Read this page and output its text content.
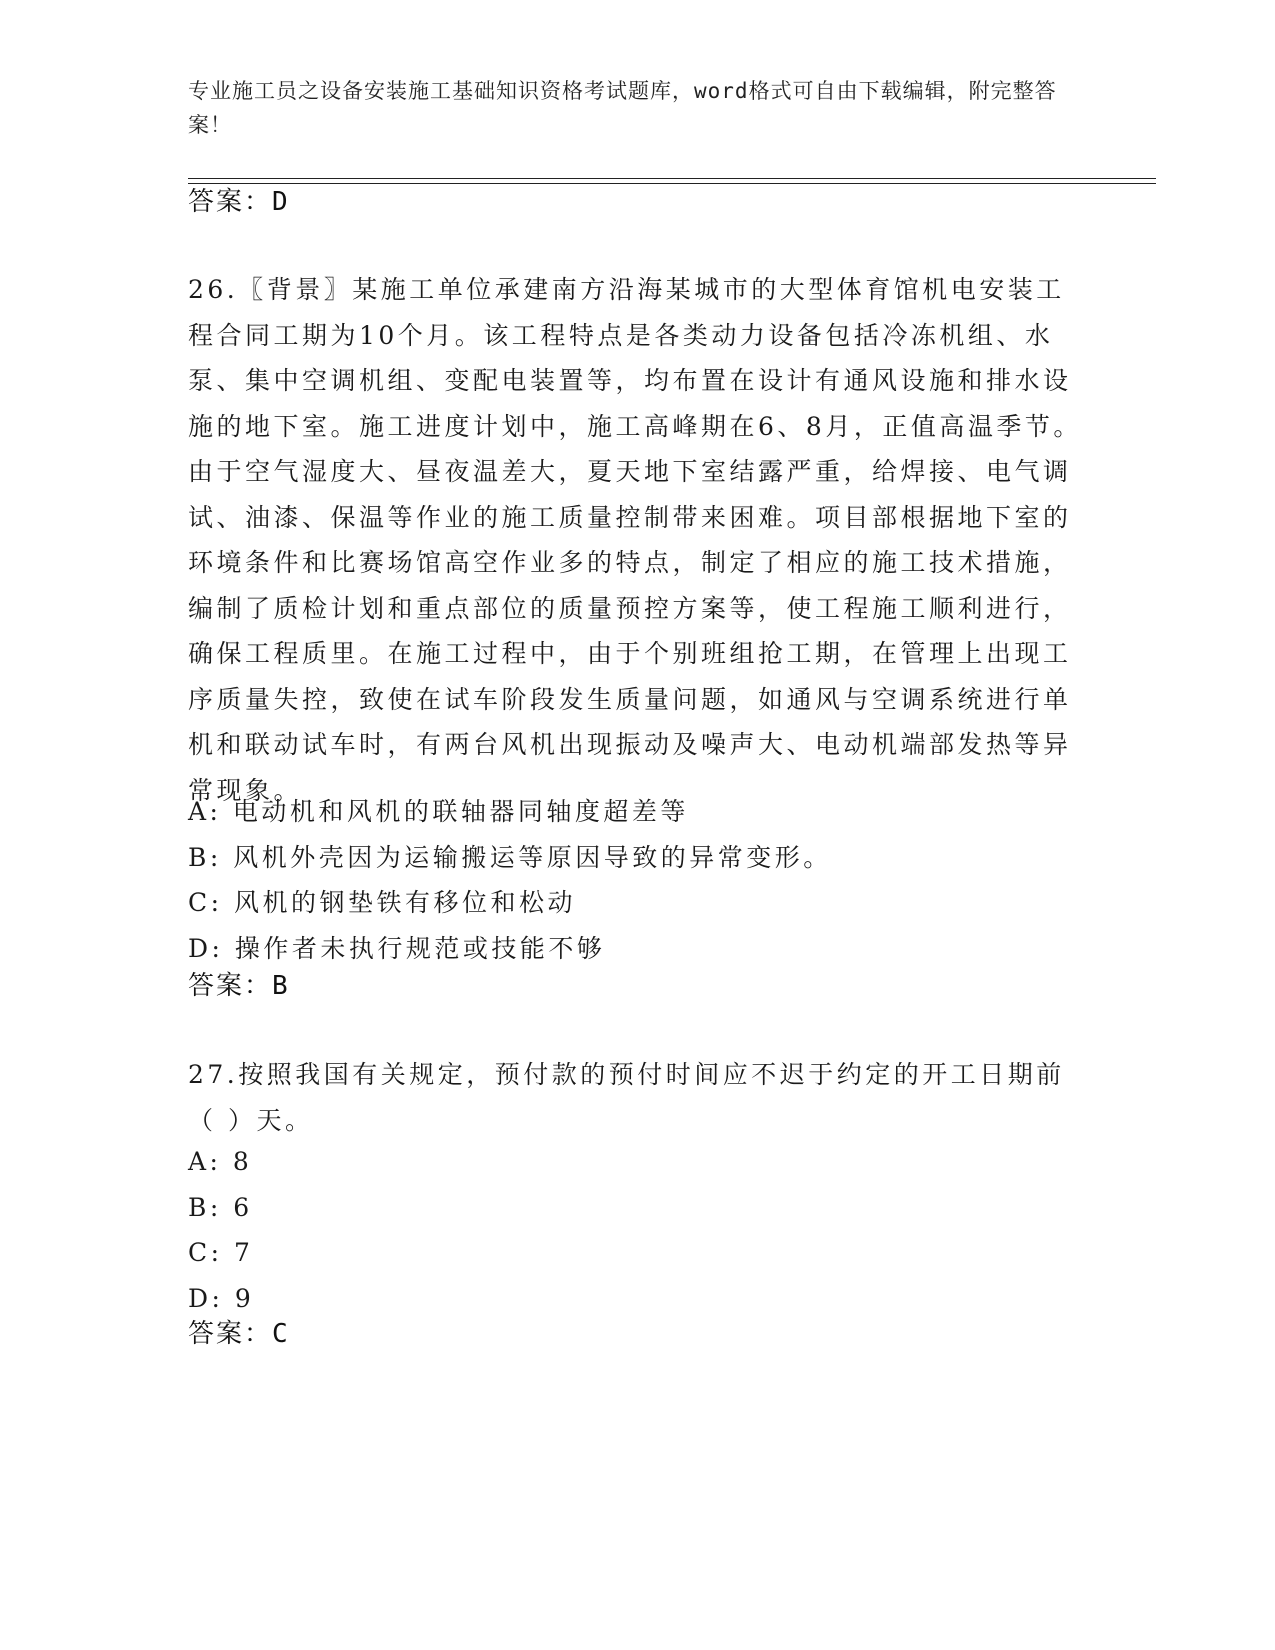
专业施工员之设备安装施工基础知识资格考试题库，word格式可自由下载编辑，附完整答案！
答案：D
26.〖背景〗某施工单位承建南方沿海某城市的大型体育馆机电安装工程合同工期为10个月。该工程特点是各类动力设备包括冷冻机组、水泵、集中空调机组、变配电装置等，均布置在设计有通风设施和排水设施的地下室。施工进度计划中，施工高峰期在6、8月，正值高温季节。由于空气湿度大、昼夜温差大，夏天地下室结露严重，给焊接、电气调试、油漆、保温等作业的施工质量控制带来困难。项目部根据地下室的环境条件和比赛场馆高空作业多的特点，制定了相应的施工技术措施，编制了质检计划和重点部位的质量预控方案等，使工程施工顺利进行，确保工程质里。在施工过程中，由于个别班组抢工期，在管理上出现工序质量失控，致使在试车阶段发生质量问题，如通风与空调系统进行单机和联动试车时，有两台风机出现振动及噪声大、电动机端部发热等异常现象。
A: 电动机和风机的联轴器同轴度超差等
B: 风机外壳因为运输搬运等原因导致的异常变形。
C: 风机的钢垫铁有移位和松动
D: 操作者未执行规范或技能不够
答案：B
27.按照我国有关规定，预付款的预付时间应不迟于约定的开工日期前（ ）天。
A: 8
B: 6
C: 7
D: 9
答案：C
